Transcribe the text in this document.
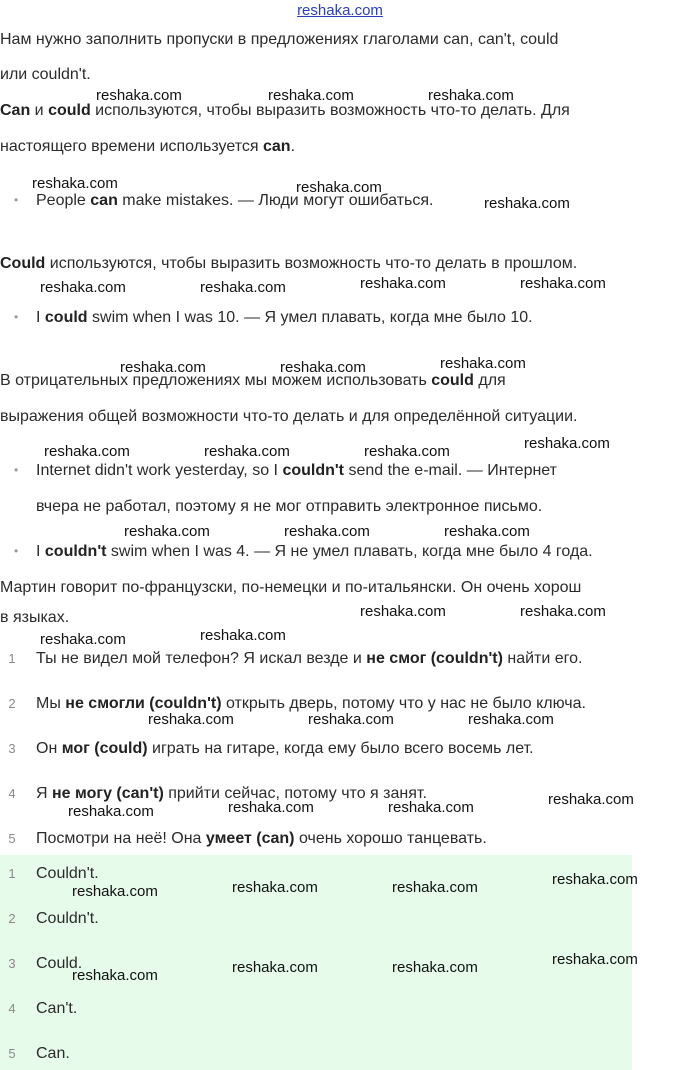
reshaka.com
Нам нужно заполнить пропуски в предложениях глаголами can, can't, could
или couldn't.
Can и could используются, чтобы выразить возможность что-то делать. Для
настоящего времени используется can.
• People can make mistakes. — Люди могут ошибаться.
Could используются, чтобы выразить возможность что-то делать в прошлом.
• I could swim when I was 10. — Я умел плавать, когда мне было 10.
В отрицательных предложениях мы можем использовать could для
выражения общей возможности что-то делать и для определённой ситуации.
• Internet didn't work yesterday, so I couldn't send the e-mail. — Интернет
вчера не работал, поэтому я не мог отправить электронное письмо.
• I couldn't swim when I was 4. — Я не умел плавать, когда мне было 4 года.
Мартин говорит по-французски, по-немецки и по-итальянски. Он очень хорош
в языках.
1	Ты не видел мой телефон? Я искал везде и не смог (couldn't) найти его.
2	Мы не смогли (couldn't) открыть дверь, потому что у нас не было ключа.
3	Он мог (could) играть на гитаре, когда ему было всего восемь лет.
4	Я не могу (can't) прийти сейчас, потому что я занят.
5	Посмотри на неё! Она умеет (can) очень хорошо танцевать.
1	Couldn't.
2	Couldn't.
3	Could.
4	Can't.
5	Can.
reshaka.com	reshaka.com	reshaka.com
reshaka.com	reshaka.com
reshaka.com
reshaka.com	reshaka.com	reshaka.com	reshaka.com
reshaka.com	reshaka.com	reshaka.com
reshaka.com	reshaka.com	reshaka.com	reshaka.com
reshaka.com	reshaka.com	reshaka.com
reshaka.com	reshaka.com
reshaka.com	reshaka.com
reshaka.com	reshaka.com	reshaka.com
reshaka.com	reshaka.com	reshaka.com	reshaka.com
reshaka.com	reshaka.com	reshaka.com	reshaka.com
reshaka.com	reshaka.com	reshaka.com	reshaka.com
